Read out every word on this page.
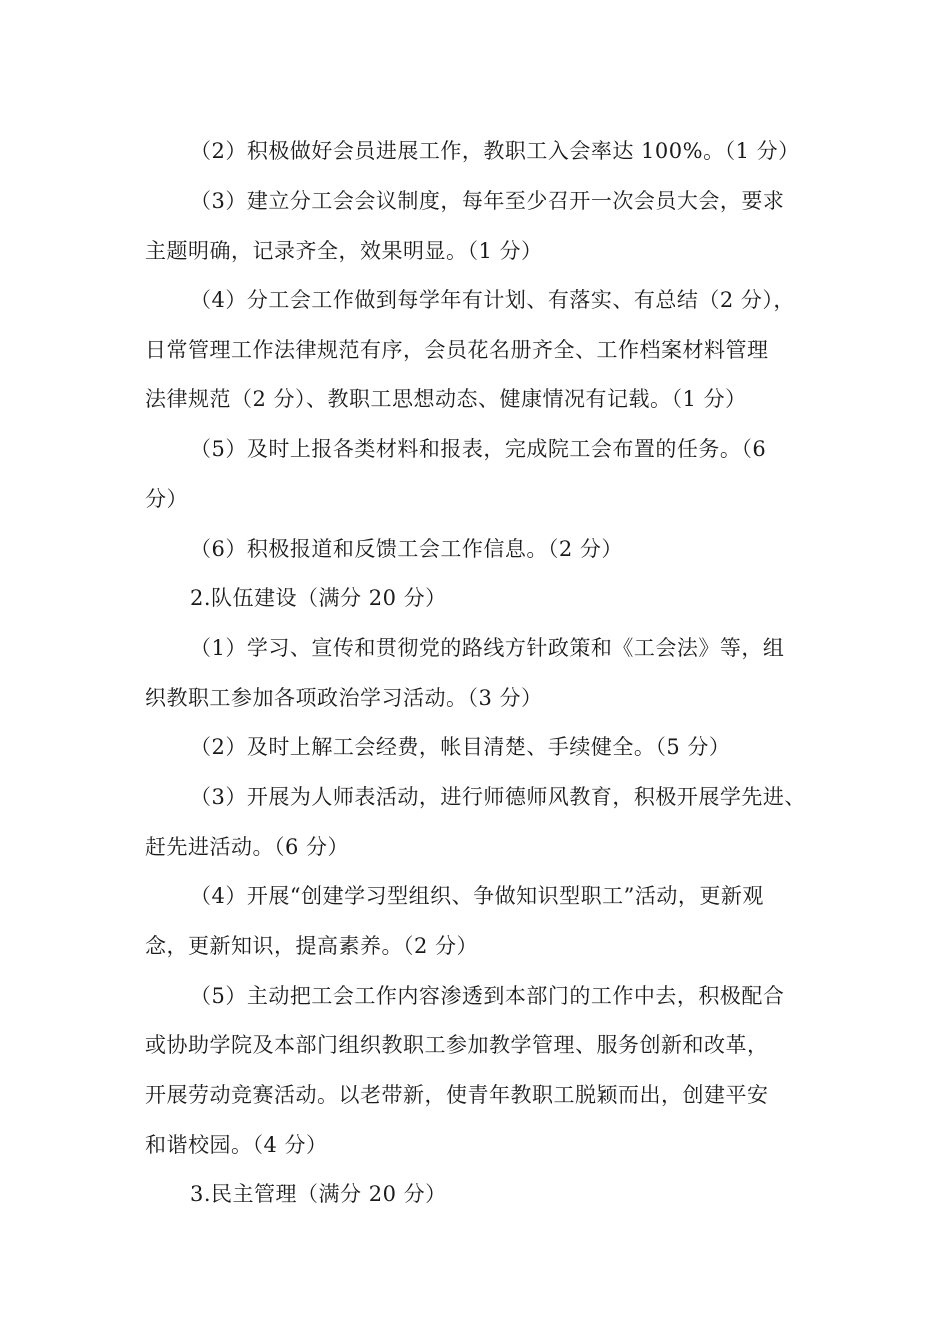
（2）积极做好会员进展工作，教职工入会率达 100%。（1 分）
（3）建立分工会会议制度，每年至少召开一次会员大会，要求
主题明确，记录齐全，效果明显。（1 分）
（4）分工会工作做到每学年有计划、有落实、有总结（2 分），
日常管理工作法律规范有序，会员花名册齐全、工作档案材料管理
法律规范（2 分）、教职工思想动态、健康情况有记载。（1 分）
（5）及时上报各类材料和报表，完成院工会布置的任务。（6
分）
（6）积极报道和反馈工会工作信息。（2 分）
2.队伍建设（满分 20 分）
（1）学习、宣传和贯彻党的路线方针政策和《工会法》等，组
织教职工参加各项政治学习活动。（3 分）
（2）及时上解工会经费，帐目清楚、手续健全。（5 分）
（3）开展为人师表活动，进行师德师风教育，积极开展学先进、
赶先进活动。（6 分）
（4）开展“创建学习型组织、争做知识型职工”活动，更新观
念，更新知识，提高素养。（2 分）
（5）主动把工会工作内容渗透到本部门的工作中去，积极配合
或协助学院及本部门组织教职工参加教学管理、服务创新和改革，
开展劳动竞赛活动。以老带新，使青年教职工脱颖而出，创建平安
和谐校园。（4 分）
3.民主管理（满分 20 分）
